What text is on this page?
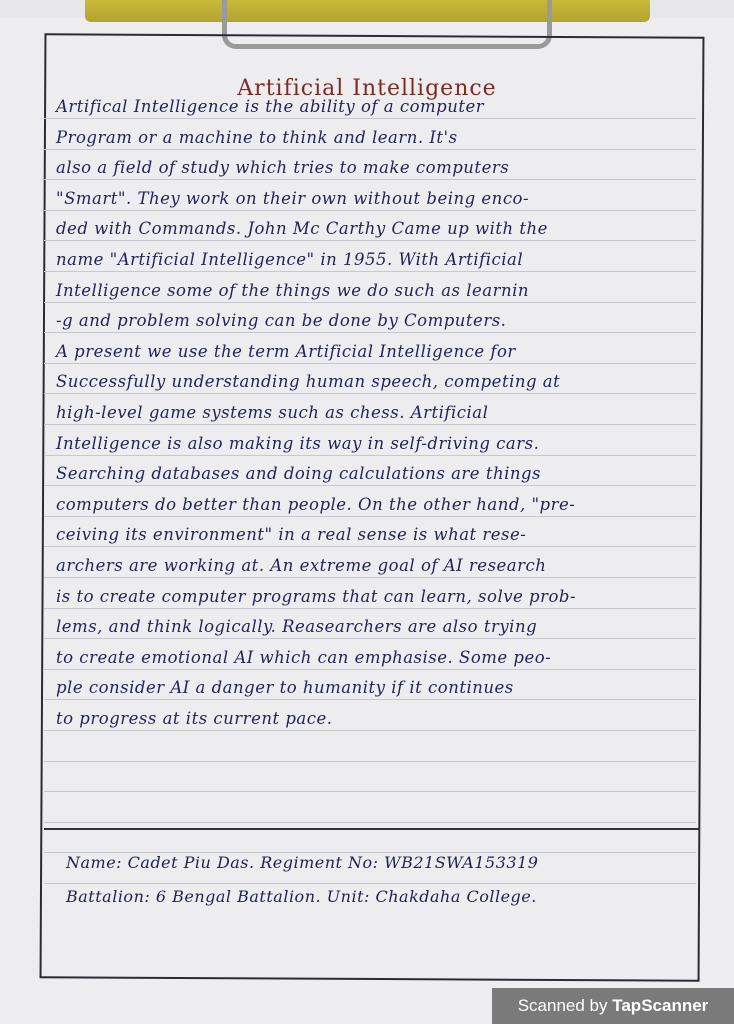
Artificial Intelligence
Artifical Intelligence is the ability of a computer
Program or a machine to think and learn. It's
also a field of study which tries to make computers
"Smart". They work on their own without being enco-
ded with Commands. John Mc Carthy Came up with the
name "Artificial Intelligence" in 1955. With Artificial
Intelligence some of the things we do such as learnin
-g and problem solving can be done by Computers.
A present we use the term Artificial Intelligence for
Successfully understanding human speech, competing at
high-level game systems such as chess. Artificial
Intelligence is also making its way in self-driving cars.
Searching databases and doing calculations are things
computers do better than people. On the other hand, "pre-
ceiving its environment" in a real sense is what rese-
archers are working at. An extreme goal of AI research
is to create computer programs that can learn, solve prob-
lems, and think logically. Reasearchers are also trying
to create emotional AI which can emphasise. Some peo-
ple consider AI a danger to humanity if it continues
to progress at its current pace.
Name: Cadet Piu Das. Regiment No: WB21SWA153319
Battalion: 6 Bengal Battalion. Unit: Chakdaha College.
Scanned by TapScanner
